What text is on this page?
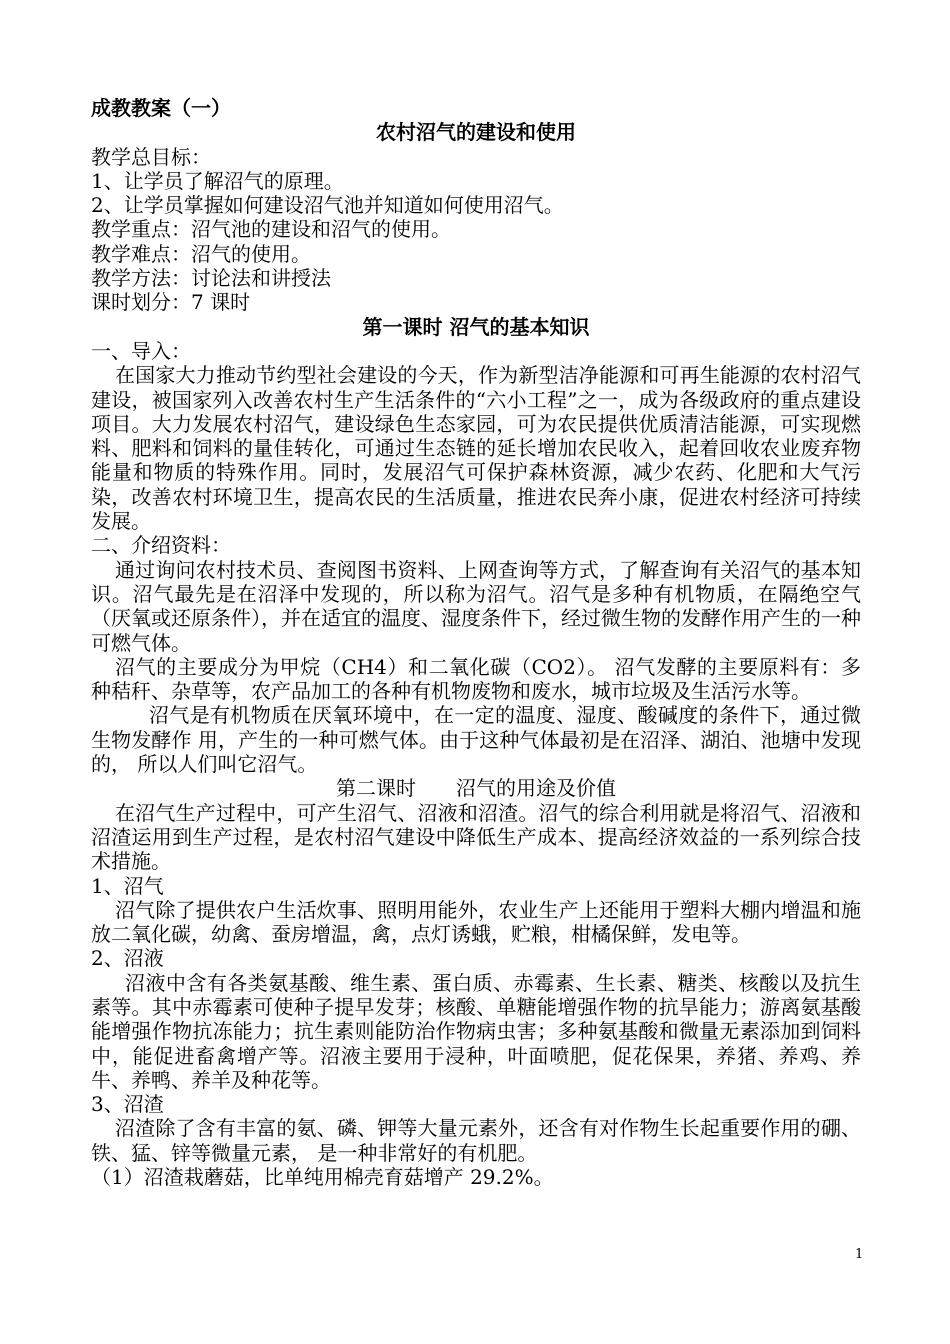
成教教案（一）

农村沼气的建设和使用

教学总目标：

1、让学员了解沼气的原理。

2、让学员掌握如何建设沼气池并知道如何使用沼气。

教学重点：沼气池的建设和沼气的使用。

教学难点：沼气的使用。

教学方法：讨论法和讲授法

课时划分：7 课时

第一课时 沼气的基本知识

一、导入：

在国家大力推动节约型社会建设的今天，作为新型洁净能源和可再生能源的农村沼气建设，被国家列入改善农村生产生活条件的“六小工程”之一，成为各级政府的重点建设项目。大力发展农村沼气，建设绿色生态家园，可为农民提供优质清洁能源，可实现燃料、肥料和饲料的量佳转化，可通过生态链的延长增加农民收入，起着回收农业废弃物能量和物质的特殊作用。同时，发展沼气可保护森林资源，减少农药、化肥和大气污染，改善农村环境卫生，提高农民的生活质量，推进农民奔小康，促进农村经济可持续发展。

二、介绍资料：

通过询问农村技术员、查阅图书资料、上网查询等方式，了解查询有关沼气的基本知识。沼气最先是在沼泽中发现的，所以称为沼气。沼气是多种有机物质，在隔绝空气（厌氧或还原条件），并在适宜的温度、湿度条件下，经过微生物的发酵作用产生的一种可燃气体。

沼气的主要成分为甲烷（CH4）和二氧化碳（CO2）。 沼气发酵的主要原料有：多种秸秆、杂草等，农产品加工的各种有机物废物和废水，城市垃圾及生活污水等。

沼气是有机物质在厌氧环境中，在一定的温度、湿度、酸碱度的条件下，通过微生物发酵作 用，产生的一种可燃气体。由于这种气体最初是在沼泽、湖泊、池塘中发现的， 所以人们叫它沼气。

第二课时　　沼气的用途及价值

在沼气生产过程中，可产生沼气、沼液和沼渣。沼气的综合利用就是将沼气、沼液和沼渣运用到生产过程，是农村沼气建设中降低生产成本、提高经济效益的一系列综合技术措施。

1、沼气

沼气除了提供农户生活炊事、照明用能外，农业生产上还能用于塑料大棚内增温和施放二氧化碳，幼禽、蚕房增温，禽，点灯诱蛾，贮粮，柑橘保鲜，发电等。

2、沼液

沼液中含有各类氨基酸、维生素、蛋白质、赤霉素、生长素、糖类、核酸以及抗生素等。其中赤霉素可使种子提早发芽；核酸、单糖能增强作物的抗旱能力；游离氨基酸能增强作物抗冻能力；抗生素则能防治作物病虫害；多种氨基酸和微量无素添加到饲料中，能促进畜禽增产等。沼液主要用于浸种，叶面喷肥，促花保果，养猪、养鸡、养牛、养鸭、养羊及种花等。

3、沼渣

沼渣除了含有丰富的氨、磷、钾等大量元素外，还含有对作物生长起重要作用的硼、铁、猛、锌等微量元素， 是一种非常好的有机肥。

（1）沼渣栽蘑菇，比单纯用棉壳育菇增产 29.2%。

1
